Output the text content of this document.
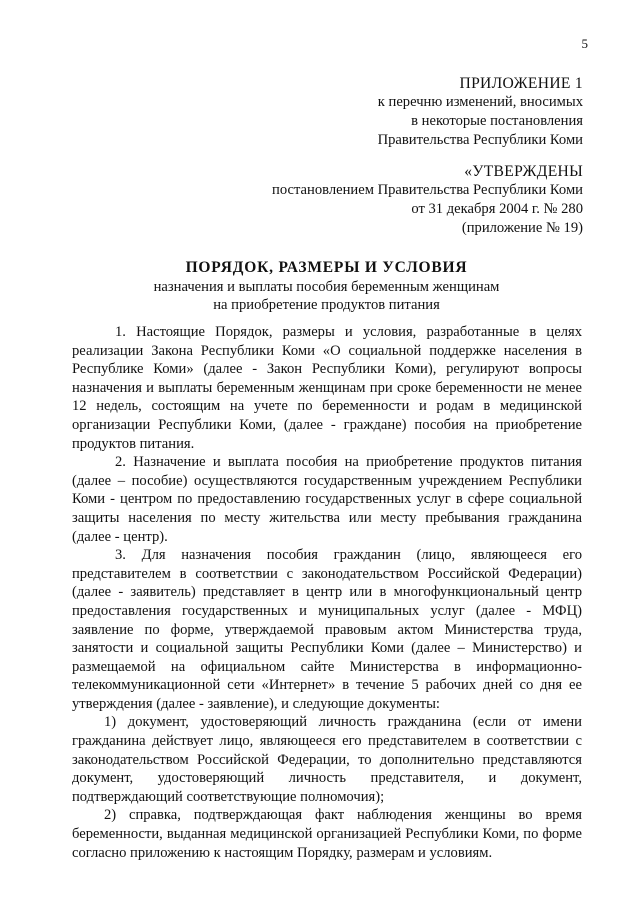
5
ПРИЛОЖЕНИЕ 1
к перечню изменений, вносимых
в некоторые постановления
Правительства Республики Коми
«УТВЕРЖДЕНЫ
постановлением Правительства Республики Коми
от 31 декабря 2004 г. № 280
(приложение № 19)
ПОРЯДОК, РАЗМЕРЫ И УСЛОВИЯ
назначения и выплаты пособия беременным женщинам
на приобретение продуктов питания

1. Настоящие Порядок, размеры и условия, разработанные в целях реализации Закона Республики Коми «О социальной поддержке населения в Республике Коми» (далее - Закон Республики Коми), регулируют вопросы назначения и выплаты беременным женщинам при сроке беременности не менее 12 недель, состоящим на учете по беременности и родам в медицинской организации Республики Коми, (далее - граждане) пособия на приобретение продуктов питания.

2. Назначение и выплата пособия на приобретение продуктов питания (далее – пособие) осуществляются государственным учреждением Республики Коми - центром по предоставлению государственных услуг в сфере социальной защиты населения по месту жительства или месту пребывания гражданина (далее - центр).

3. Для назначения пособия гражданин (лицо, являющееся его представителем в соответствии с законодательством Российской Федерации) (далее - заявитель) представляет в центр или в многофункциональный центр предоставления государственных и муниципальных услуг (далее - МФЦ) заявление по форме, утверждаемой правовым актом Министерства труда, занятости и социальной защиты Республики Коми (далее – Министерство) и размещаемой на официальном сайте Министерства в информационно-телекоммуникационной сети «Интернет» в течение 5 рабочих дней со дня ее утверждения (далее - заявление), и следующие документы:

1) документ, удостоверяющий личность гражданина (если от имени гражданина действует лицо, являющееся его представителем в соответствии с законодательством Российской Федерации, то дополнительно представляются документ, удостоверяющий личность представителя, и документ, подтверждающий соответствующие полномочия);

2) справка, подтверждающая факт наблюдения женщины во время беременности, выданная медицинской организацией Республики Коми, по форме согласно приложению к настоящим Порядку, размерам и условиям.
